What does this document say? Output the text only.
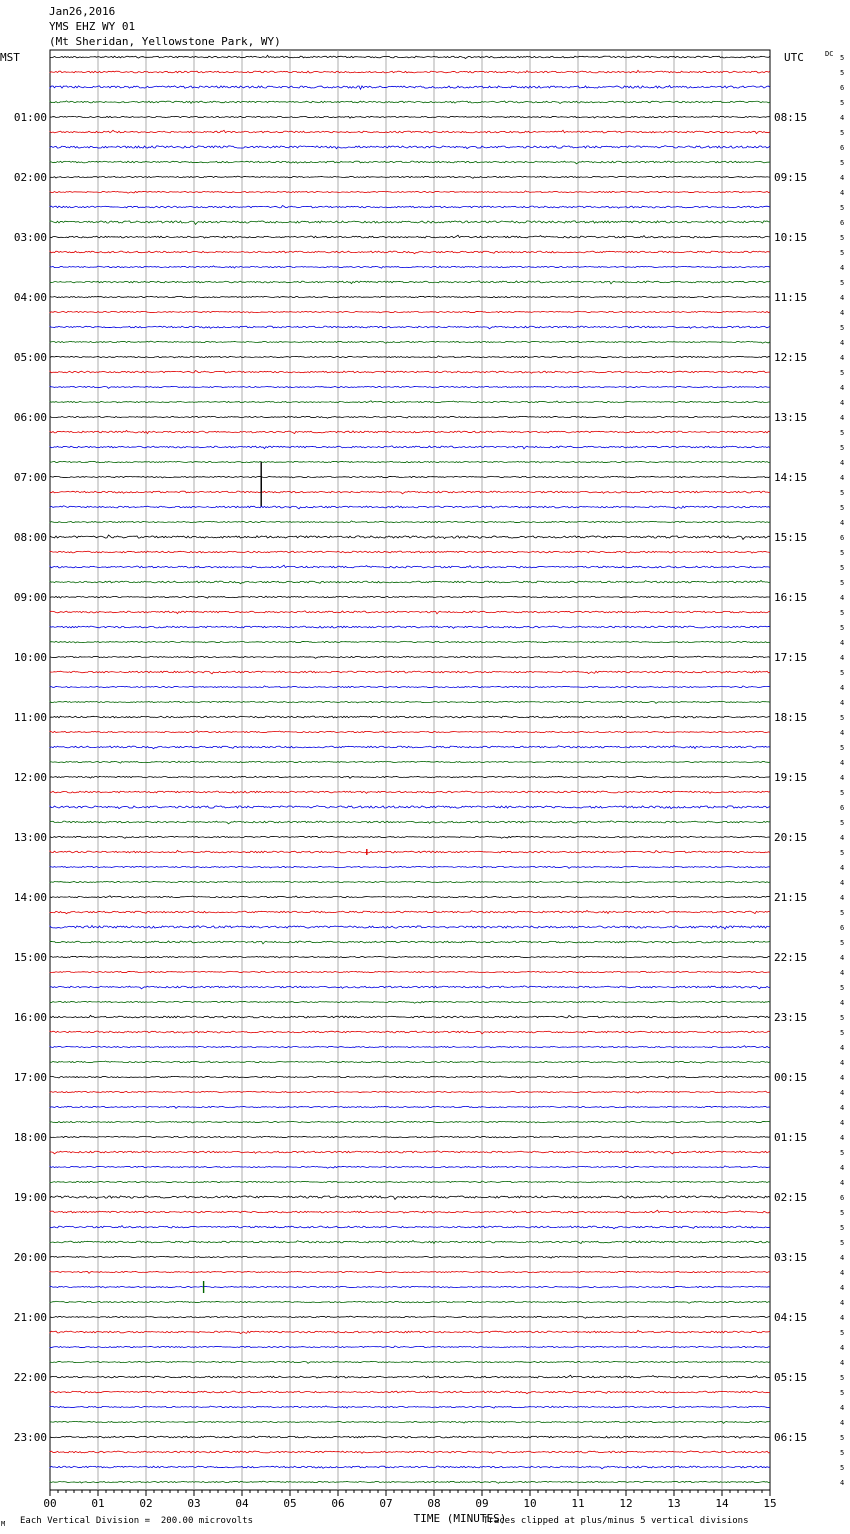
Jan26,2016
YMS EHZ WY 01
(Mt Sheridan, Yellowstone Park, WY)
00	01	02	03	04	05	06	07	08	09	10	11	12	13	14	15
TIME (MINUTES)
MST	UTC	DC
01:00
02:00
03:00
04:00
05:00
06:00
07:00
08:00
09:00
10:00
11:00
12:00
13:00
14:00
15:00
16:00
17:00
18:00
19:00
20:00
21:00
22:00
23:00
08:15
09:15
10:15
11:15
12:15
13:15
14:15
15:15
16:15
17:15
18:15
19:15
20:15
21:15
22:15
23:15
00:15
01:15
02:15
03:15
04:15
05:15
06:15
5
5
6
5
4
5
6
5
4
4
5
6
5
5
4
5
4
4
5
4
4
5
4
4
4
5
5
4
4
5
5
4
6
5
5
5
4
5
5
4
4
5
4
4
5
4
5
4
4
5
6
5
4
5
4
4
4
5
6
5
4
4
5
4
5
5
4
4
4
4
4
4
4
5
4
4
6
5
5
5
4
4
4
4
4
5
4
4
5
5
4
4
5
5
5
4
M Each Vertical Division =  200.00 microvolts	Traces clipped at plus/minus 5 vertical divisions
